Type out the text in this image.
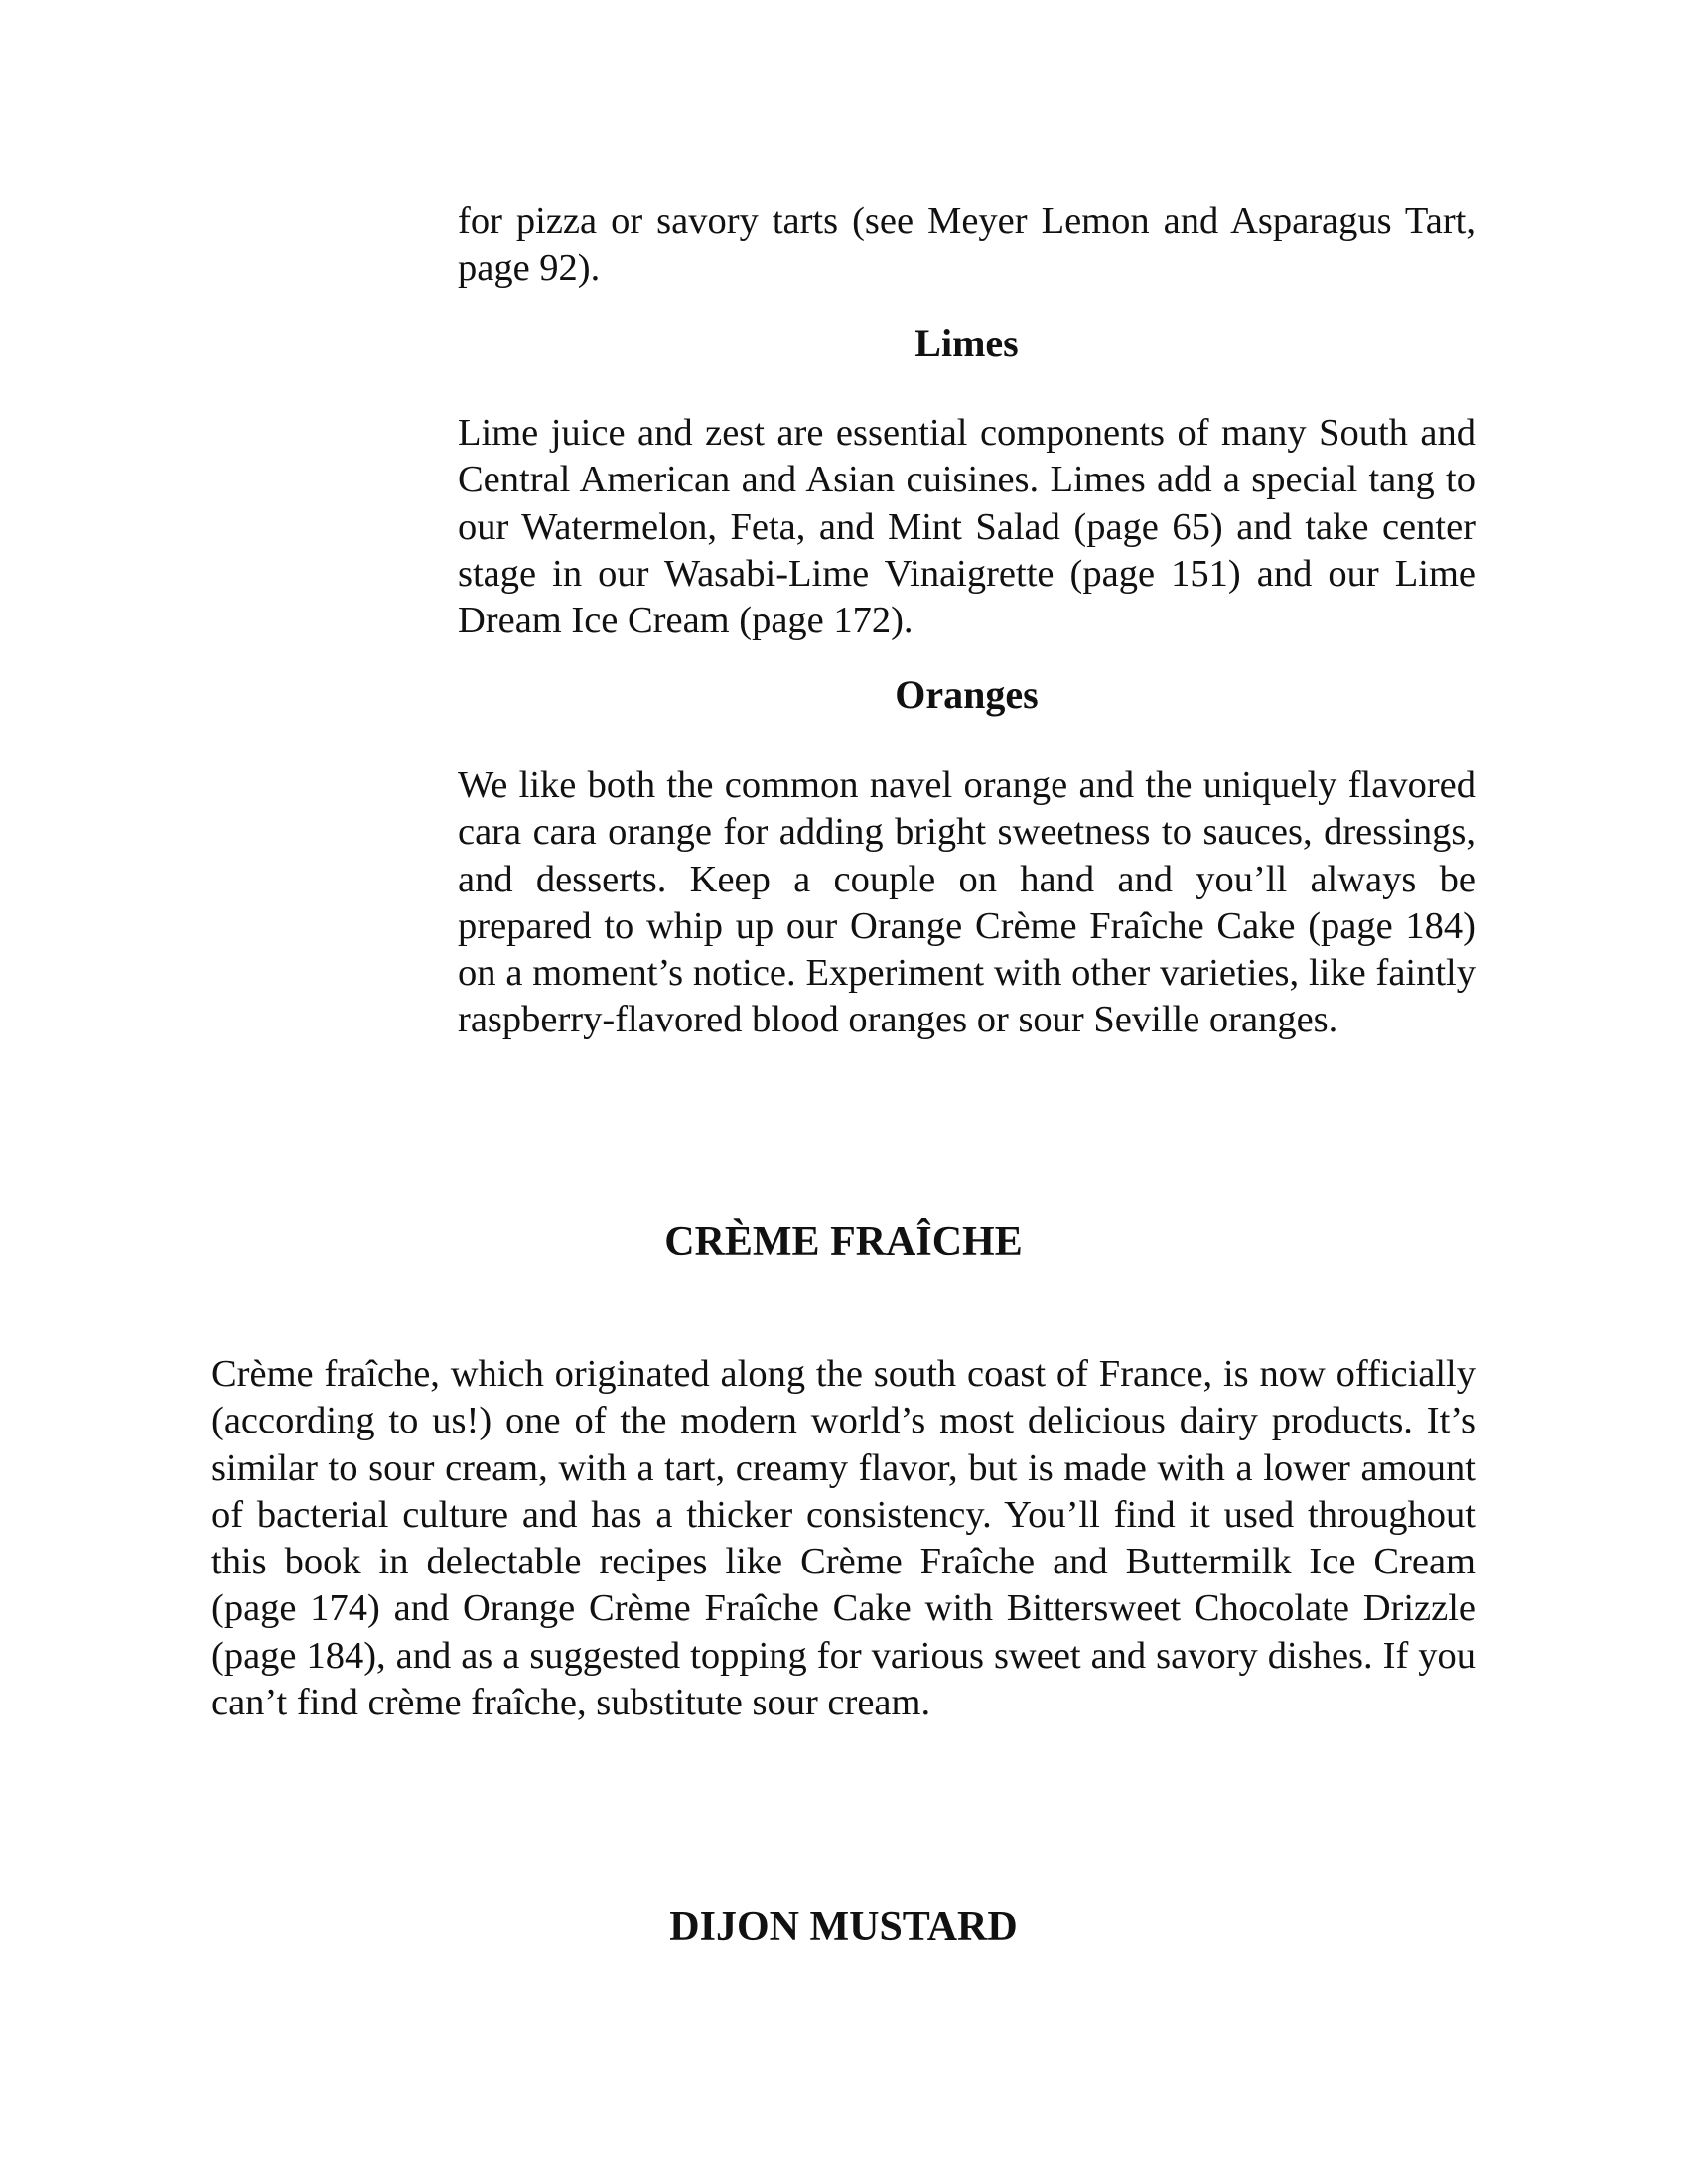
for pizza or savory tarts (see Meyer Lemon and Asparagus Tart, page 92).

Limes

Lime juice and zest are essential components of many South and Central American and Asian cuisines. Limes add a special tang to our Watermelon, Feta, and Mint Salad (page 65) and take center stage in our Wasabi-Lime Vinaigrette (page 151) and our Lime Dream Ice Cream (page 172).

Oranges

We like both the common navel orange and the uniquely flavored cara cara orange for adding bright sweetness to sauces, dressings, and desserts. Keep a couple on hand and you’ll always be prepared to whip up our Orange Crème Fraîche Cake (page 184) on a moment’s notice. Experiment with other varieties, like faintly raspberry-flavored blood oranges or sour Seville oranges.

CRÈME FRAÎCHE

Crème fraîche, which originated along the south coast of France, is now officially (according to us!) one of the modern world’s most delicious dairy products. It’s similar to sour cream, with a tart, creamy flavor, but is made with a lower amount of bacterial culture and has a thicker consistency. You’ll find it used throughout this book in delectable recipes like Crème Fraîche and Buttermilk Ice Cream (page 174) and Orange Crème Fraîche Cake with Bittersweet Chocolate Drizzle (page 184), and as a suggested topping for various sweet and savory dishes. If you can’t find crème fraîche, substitute sour cream.

DIJON MUSTARD
